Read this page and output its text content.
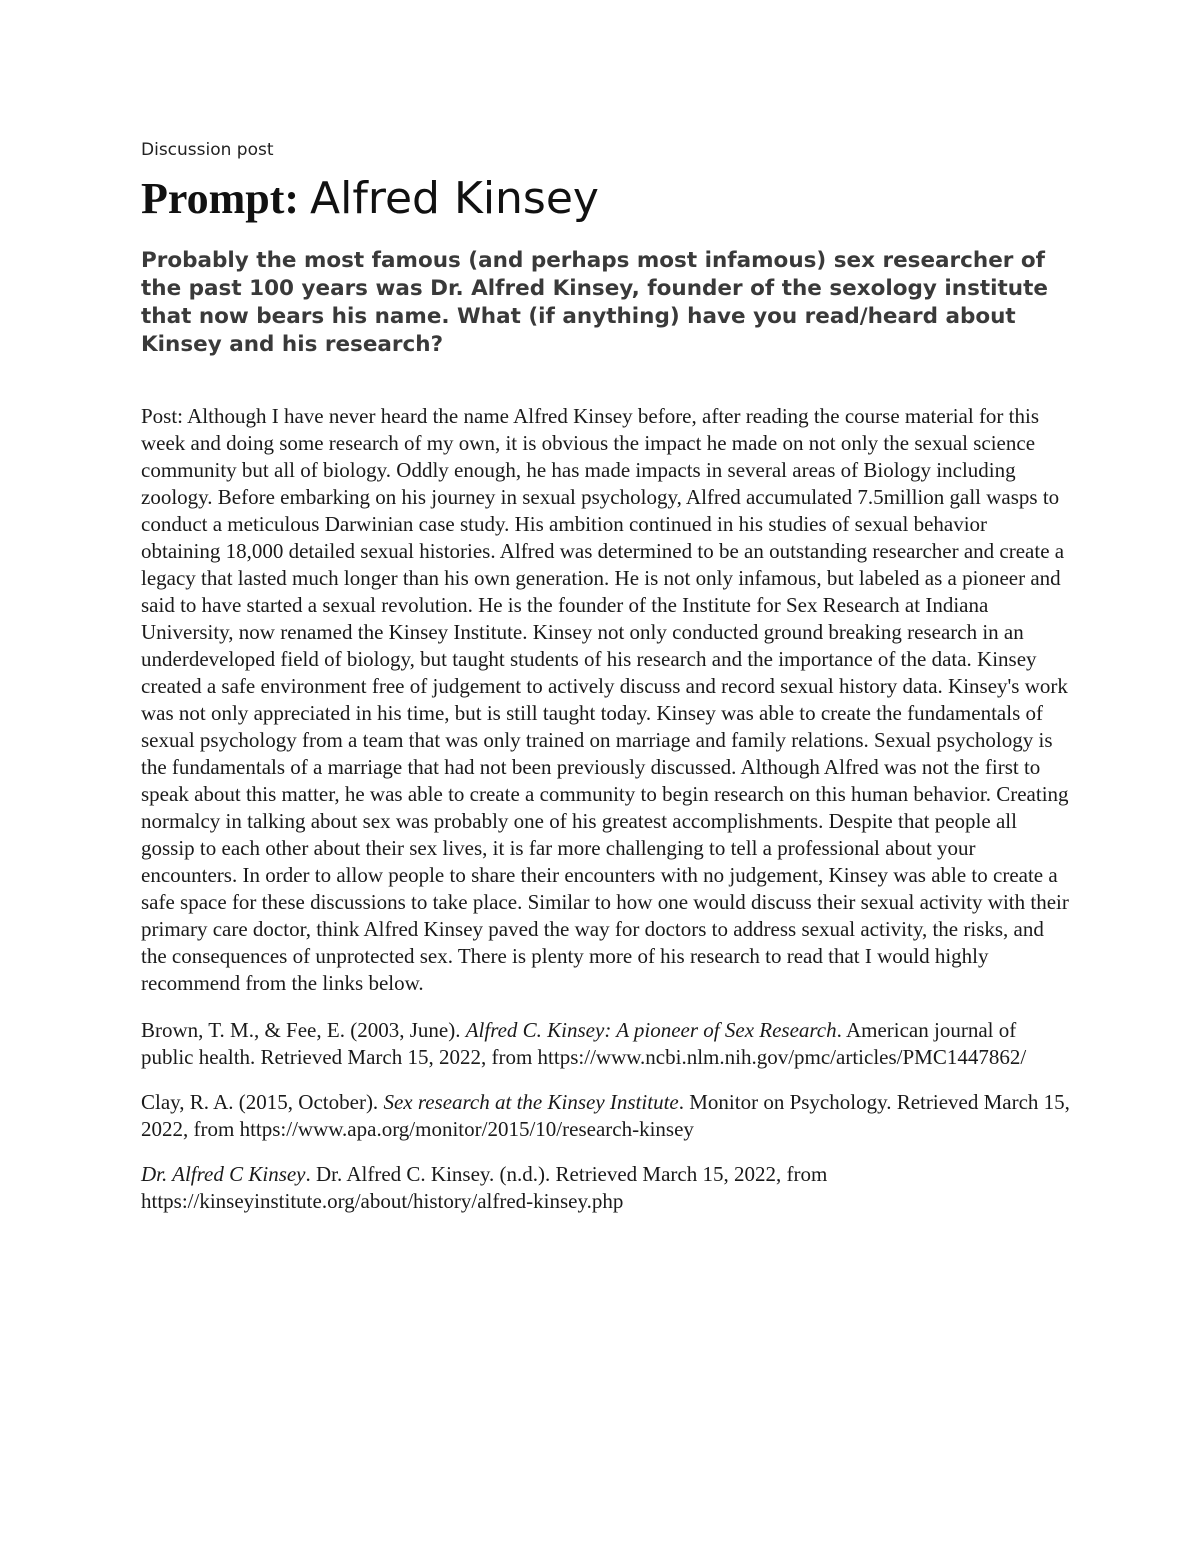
Discussion post

Prompt: Alfred Kinsey

Probably the most famous (and perhaps most infamous) sex researcher of the past 100 years was Dr. Alfred Kinsey, founder of the sexology institute that now bears his name. What (if anything) have you read/heard about Kinsey and his research?

Post: Although I have never heard the name Alfred Kinsey before, after reading the course material for this week and doing some research of my own, it is obvious the impact he made on not only the sexual science community but all of biology. Oddly enough, he has made impacts in several areas of Biology including zoology. Before embarking on his journey in sexual psychology, Alfred accumulated 7.5million gall wasps to conduct a meticulous Darwinian case study. His ambition continued in his studies of sexual behavior obtaining 18,000 detailed sexual histories. Alfred was determined to be an outstanding researcher and create a legacy that lasted much longer than his own generation. He is not only infamous, but labeled as a pioneer and said to have started a sexual revolution. He is the founder of the Institute for Sex Research at Indiana University, now renamed the Kinsey Institute. Kinsey not only conducted ground breaking research in an underdeveloped field of biology, but taught students of his research and the importance of the data. Kinsey created a safe environment free of judgement to actively discuss and record sexual history data. Kinsey's work was not only appreciated in his time, but is still taught today. Kinsey was able to create the fundamentals of sexual psychology from a team that was only trained on marriage and family relations. Sexual psychology is the fundamentals of a marriage that had not been previously discussed. Although Alfred was not the first to speak about this matter, he was able to create a community to begin research on this human behavior. Creating normalcy in talking about sex was probably one of his greatest accomplishments. Despite that people all gossip to each other about their sex lives, it is far more challenging to tell a professional about your encounters. In order to allow people to share their encounters with no judgement, Kinsey was able to create a safe space for these discussions to take place. Similar to how one would discuss their sexual activity with their primary care doctor, think Alfred Kinsey paved the way for doctors to address sexual activity, the risks, and the consequences of unprotected sex. There is plenty more of his research to read that I would highly recommend from the links below.

Brown, T. M., & Fee, E. (2003, June). Alfred C. Kinsey: A pioneer of Sex Research. American journal of public health. Retrieved March 15, 2022, from https://www.ncbi.nlm.nih.gov/pmc/articles/PMC1447862/

Clay, R. A. (2015, October). Sex research at the Kinsey Institute. Monitor on Psychology. Retrieved March 15, 2022, from https://www.apa.org/monitor/2015/10/research-kinsey

Dr. Alfred C Kinsey. Dr. Alfred C. Kinsey. (n.d.). Retrieved March 15, 2022, from https://kinseyinstitute.org/about/history/alfred-kinsey.php
